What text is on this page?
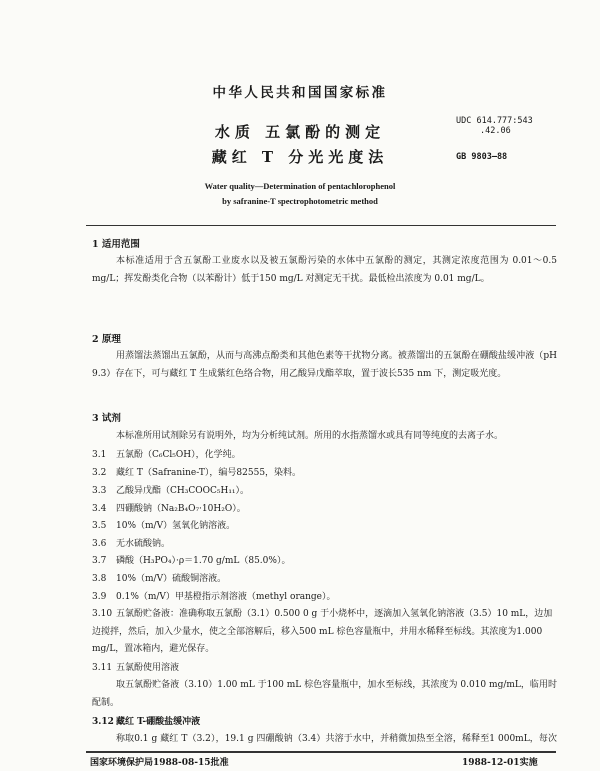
中华人民共和国国家标准
水质 五氯酚的测定
藏红 T 分光光度法
UDC 614.777:543
.42.06
GB 9803—88
Water quality—Determination of pentachlorophenol
by safranine-T spectrophotometric method
1 适用范围
本标准适用于含五氯酚工业废水以及被五氯酚污染的水体中五氯酚的测定，其测定浓度范围为 0.01～0.5 mg/L；挥发酚类化合物（以苯酚计）低于150 mg/L 对测定无干扰。最低检出浓度为 0.01 mg/L。
2 原理
用蒸馏法蒸馏出五氯酚，从而与高沸点酚类和其他色素等干扰物分离。被蒸馏出的五氯酚在硼酸盐缓冲液（pH 9.3）存在下，可与藏红 T 生成紫红色络合物，用乙酸异戊酯萃取，置于波长535 nm 下，测定吸光度。
3 试剂
本标准所用试剂除另有说明外，均为分析纯试剂。所用的水指蒸馏水或具有同等纯度的去离子水。
3.1 五氯酚（C₆Cl₅OH），化学纯。
3.2 藏红 T（Safranine-T），编号82555，染料。
3.3 乙酸异戊酯（CH₃COOC₅H₁₁）。
3.4 四硼酸钠（Na₂B₄O₇·10H₂O）。
3.5 10%（m/V）氢氧化钠溶液。
3.6 无水硫酸钠。
3.7 磷酸（H₃PO₄）·ρ＝1.70 g/mL（85.0%）。
3.8 10%（m/V）硫酸铜溶液。
3.9 0.1%（m/V）甲基橙指示剂溶液（methyl orange）。
3.10 五氯酚贮备液：准确称取五氯酚（3.1）0.500 0 g 于小烧杯中，逐滴加入氢氧化钠溶液（3.5）10 mL，边加边搅拌，然后，加入少量水，使之全部溶解后，移入500 mL 棕色容量瓶中，并用水稀释至标线。其浓度为1.000 mg/L，置冰箱内，避光保存。
3.11 五氯酚使用溶液
取五氯酚贮备液（3.10）1.00 mL 于100 mL 棕色容量瓶中，加水至标线，其浓度为 0.010 mg/mL，临用时配制。
3.12 藏红 T-硼酸盐缓冲液
称取0.1 g 藏红 T（3.2），19.1 g 四硼酸钠（3.4）共溶于水中，并稍微加热至全溶，稀释至1 000mL，每次
国家环境保护局1988-08-15批准	1988-12-01实施
